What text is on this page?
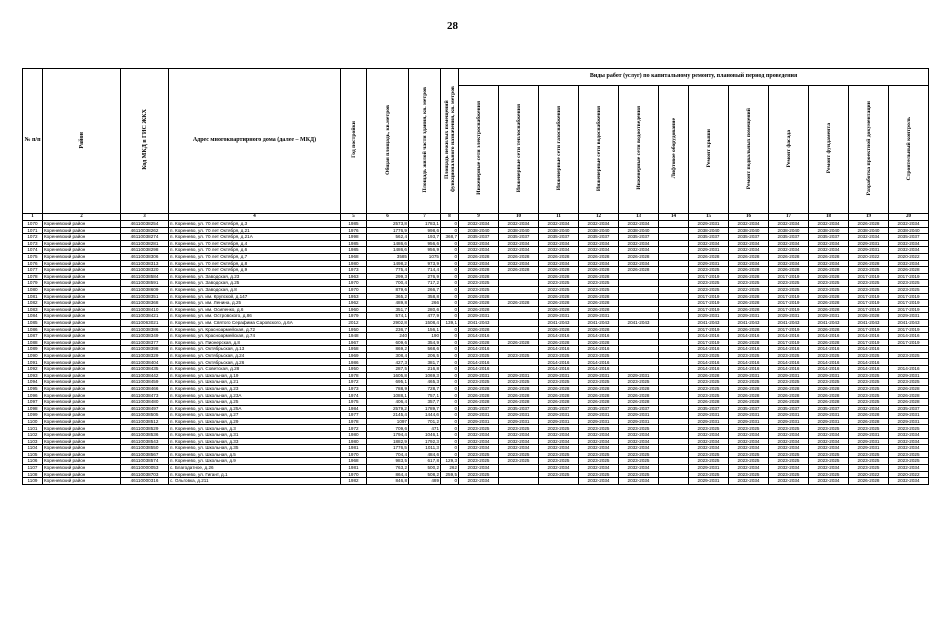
28
№ п/п	Район	Код МКД в ГИС ЖКХ	Адрес многоквартирного дома (далее – МКД)	Год постройки	Общая площадь, кв.метров	Площадь жилой части здания, кв. метров	Площадь нежилых помещений функционального назначения, кв. метров	Виды работ (услуг) по капитальному ремонту, плановый период проведения											
								Инженерные сети электроснабжения	Инженерные сети теплоснабжения	Инженерные сети газоснабжения	Инженерные сети водоснабжения	Инженерные сети водоотведения	Лифтовое оборудование	Ремонт крыши	Ремонт подвальных помещений	Ремонт фасада	Ремонт фундамента	Разработка проектной документации	Строительный контроль
1	2	3	4	5	6	7	8	9	10	11	12	13	14	15	16	17	18	19	20
1070	Кореневский район	46110038254	п. Коренево, ул. 70 лет Октября, д.3	1985	2573,8	1783,1	0	2032-2034	2032-2034	2032-2034	2032-2034	2032-2034		2029-2031	2032-2034	2032-2034	2032-2034	2026-2028	2032-2034
1071	Кореневский район	46110038262	п. Коренево, ул. 70 лет Октября, д.21	1976	1776,9	998,6	0	2038-2040	2038-2040	2038-2040	2038-2040	2038-2040		2038-2040	2038-2040	2038-2040	2038-2040	2038-2040	2038-2040
1072	Кореневский район	46110038274	п. Коренево, ул. 70 лет Октября, д.21А	1998	562,4	193,7	368,7	2035-2037	2035-2037	2035-2037	2035-2037	2035-2037		2035-2037	2035-2037	2035-2037	2035-2037	2032-2034	2035-2037
1073	Кореневский район	46110038281	п. Коренево, ул. 70 лет Октября, д.4	1985	1486,6	956,6	0	2032-2034	2032-2034	2032-2034	2032-2034	2032-2034		2032-2034	2032-2034	2032-2034	2032-2034	2029-2031	2032-2034
1074	Кореневский район	46110038298	п. Коренево, ул. 70 лет Октября, д.6	1985	1486,6	956,9	0	2032-2034	2032-2034	2032-2034	2032-2034	2032-2034		2029-2031	2032-2034	2032-2034	2032-2034	2029-2031	2032-2034
1075	Кореневский район	46110038306	п. Коренево, ул. 70 лет Октября, д.7	1968	3585	1075	0	2026-2028	2026-2028	2026-2028	2026-2028	2026-2028		2026-2028	2026-2028	2026-2028	2026-2028	2020-2022	2020-2022
1076	Кореневский район	46110038313	п. Коренево, ул. 70 лет Октября, д.8	1980	1498,2	973,9	0	2032-2034	2032-2034	2032-2034	2032-2034	2032-2034		2029-2031	2032-2034	2032-2034	2032-2034	2026-2028	2032-2034
1077	Кореневский район	46110038320	п. Коренево, ул. 70 лет Октября, д.9	1973	775,4	714,4	0	2026-2028	2026-2028	2026-2028	2026-2028	2026-2028		2023-2025	2026-2028	2026-2028	2026-2028	2023-2025	2026-2028
1078	Кореневский район	46110038584	п. Коренево, ул. Заводская, д.23	1963	299,3	276,9	0	2026-2028		2026-2028	2026-2028			2017-2019	2026-2028	2017-2019	2026-2028	2017-2019	2017-2019
1079	Кореневский район	46110038591	п. Коренево, ул. Заводская, д.25	1970	700,4	717,2	0	2023-2025		2023-2025	2023-2025			2023-2025	2023-2025	2023-2025	2023-2025	2023-2025	2023-2025
1080	Кореневский район	46110038609	п. Коренево, ул. Заводская, д.8	1970	879,6	266,7	0	2023-2025		2022-2025	2023-2025			2023-2025	2022-2025	2023-2025	2023-2025	2023-2025	2023-2025
1081	Кореневский район	46110038351	п. Коренево, ул. им. Крупской, д.147	1953	365,2	358,8	0	2026-2028		2026-2028	2026-2028			2017-2019	2026-2028	2017-2019	2026-2028	2017-2019	2017-2019
1082	Кореневский район	46110038368	п. Коренево, ул. им. Ленина, д.25	1962	489,8	266	0	2026-2028	2026-2028	2026-2028	2026-2028			2017-2019	2026-2028	2017-2019	2026-2028	2017-2019	2017-2019
1083	Кореневский район	46110038410	п. Коренево, ул. им. Осипенко, д.6	1960	351,7	280,6	0	2026-2028		2026-2028	2026-2028			2017-2019	2026-2028	2017-2019	2026-2028	2017-2019	2017-2019
1084	Кореневский район	46110038421	п. Коренево, ул. им. Островского, д.86	1979	574,1	477,9	0	2029-2031		2029-2031	2029-2031			2029-2031	2029-2031	2029-2031	2029-2031	2026-2028	2029-2031
1085	Кореневский район	46110063021	п. Коренево, ул. им. Святого Серафима Саровского, д.6А	2012	2902,8	1508,4	139,1	2041-2043		2041-2043	2041-2043	2041-2043		2041-2043	2041-2043	2041-2043	2041-2043	2041-2043	2041-2043
1086	Кореневский район	46110038386	п. Коренево, ул. Красноармейская, д.72	1950	236,7	156,1	0	2026-2028		2026-2028	2026-2028			2017-2019	2026-2028	2017-2019	2026-2028	2017-2019	2017-2019
1087	Кореневский район	46110038349	п. Коренево, ул. Красноармейская, д.74	1948	240	190	0	2014-2016		2014-2016	2014-2016			2014-2016	2014-2016	2014-2016	2014-2016	2014-2016	2014-2016
1088	Кореневский район	46110038377	п. Коренево, ул. Пионерская, д.8	1967	609,6	354,9	0	2026-2028	2026-2028	2026-2028	2026-2028			2017-2019	2026-2028	2017-2019	2026-2028	2017-2019	2017-2019
1089	Кореневский район	46110038398	п. Коренево, ул. Октябрьская, д.13	1958	869,2	568,6	0	2014-2016		2014-2016	2014-2016			2014-2016	2014-2016	2014-2016	2014-2016	2014-2016	
1090	Кореневский район	46110038329	п. Коренево, ул. Октябрьская, д.24	1969	308,4	206,5	0	2023-2025	2023-2025	2023-2025	2023-2025			2023-2025	2023-2025	2023-2025	2023-2025	2023-2025	2023-2025
1091	Кореневский район	46110038404	п. Коренево, ул. Октябрьская, д.26	1986	427,3	381,7	0	2014-2016		2014-2016	2014-2016			2014-2016	2014-2016	2014-2016	2014-2016	2014-2016	
1092	Кореневский район	46110038435	п. Коренево, ул. Советская, д.28	1950	287,5	216,8	0	2014-2016		2014-2016	2014-2016			2014-2016	2014-2016	2014-2016	2014-2016	2014-2016	2014-2016
1093	Кореневский район	46110038442	п. Коренево, ул. Школьная, д.19	1978	1605,8	1069,3	0	2029-2031	2029-2031	2029-2031	2029-2031	2029-2031		2026-2028	2029-2031	2029-2031	2029-2031	2023-2025	2029-2031
1094	Кореневский район	46110038459	п. Коренево, ул. Школьная, д.21	1972	695,1	465,3	0	2023-2025	2023-2025	2023-2025	2023-2025	2023-2025		2023-2025	2023-2025	2023-2025	2023-2025	2023-2025	2023-2025
1095	Кореневский район	46110038466	п. Коренево, ул. Школьная, д.23	1973	788,9	728,7	0	2026-2028	2026-2028	2026-2028	2026-2028	2026-2028		2023-2025	2026-2028	2026-2028	2026-2028	2023-2025	2026-2028
1096	Кореневский район	46110038473	п. Коренево, ул. Школьная, д.23А	1974	1088,1	757,1	0	2026-2028	2026-2028	2026-2028	2026-2028	2026-2028		2023-2025	2026-2028	2026-2028	2026-2028	2023-2025	2026-2028
1097	Кореневский район	46110038480	п. Коренево, ул. Школьная, д.25	1975	406,4	357,7	0	2026-2028	2026-2028	2026-2028	2026-2028	2026-2028		2026-2028	2026-2028	2026-2028	2026-2028	2023-2025	2026-2028
1098	Кореневский район	46110038497	п. Коренево, ул. Школьная, д.25А	1984	2579,2	1789,7	0	2035-2037	2035-2037	2035-2037	2035-2037	2035-2037		2035-2037	2035-2037	2035-2037	2035-2037	2032-2034	2035-2037
1099	Кореневский район	46110038505	п. Коренево, ул. Школьная, д.27	1977	2145,4	1444,6	0	2029-2031	2029-2031	2029-2031	2029-2031	2029-2031		2029-2031	2029-2031	2029-2031	2029-2031	2026-2028	2029-2031
1100	Кореневский район	46110038512	п. Коренево, ул. Школьная, д.29	1978	1097	701,2	0	2029-2031	2029-2031	2029-2031	2029-2031	2029-2031		2029-2031	2029-2031	2029-2031	2029-2031	2026-2028	2029-2031
1101	Кореневский район	46110038529	п. Коренево, ул. Школьная, д.3	1972	709,6	471	0	2023-2025	2023-2025	2023-2025	2023-2025	2023-2025		2023-2025	2023-2025	2023-2025	2023-2025	2023-2025	2023-2025
1102	Кореневский район	46110038536	п. Коренево, ул. Школьная, д.31	1980	1794,4	1046,1	0	2032-2034	2032-2034	2032-2034	2032-2034	2032-2034		2032-2034	2032-2034	2032-2034	2032-2034	2029-2031	2032-2034
1103	Кореневский район	46110038543	п. Коренево, ул. Школьная, д.33	1980	1882,9	1792,3	0	2032-2034	2032-2034	2032-2034	2032-2034	2032-2034		2032-2034	2032-2034	2032-2034	2032-2034	2029-2031	2032-2034
1104	Кореневский район	46110038550	п. Коренево, ул. Школьная, д.35	1981	1776,5	1011,3	0	2032-2034	2032-2034	2032-2034	2032-2034	2032-2034		2032-2034	2032-2034	2032-2034	2032-2034	2029-2031	2032-2034
1105	Кореневский район	46110038567	п. Коренево, ул. Школьная, д.5	1970	704,4	484,6	0	2023-2025	2023-2025	2023-2025	2023-2025	2023-2025		2023-2025	2023-2025	2023-2025	2023-2025	2023-2025	2023-2025
1106	Кореневский район	46110038574	п. Коренево, ул. Школьная, д.9	1968	983,5	617,8	129,3	2023-2025	2023-2025	2023-2025	2023-2025	2023-2025		2023-2025	2023-2025	2023-2025	2023-2025	2023-2025	2023-2025
1107	Кореневский район	46110000053	с. Благодатное, д.26	1981	763,2	500,2	262	2032-2034		2032-2034	2032-2034	2032-2034		2029-2031	2032-2034	2032-2034	2032-2034	2023-2025	2032-2034
1108	Кореневский район	46110038703	п. Коренево, ул. Гигант, д.1	1970	864,4	508,2	259,5	2023-2025		2023-2025	2023-2025	2023-2025		2023-2025	2023-2025	2023-2025	2023-2025	2020-2022	2020-2022
1109	Кореневский район	46110000316	с. Ольговка, д.211	1982	846,8	489	0	2032-2034			2032-2034	2032-2034		2029-2031	2032-2034	2032-2034	2032-2034	2026-2028	2032-2034
